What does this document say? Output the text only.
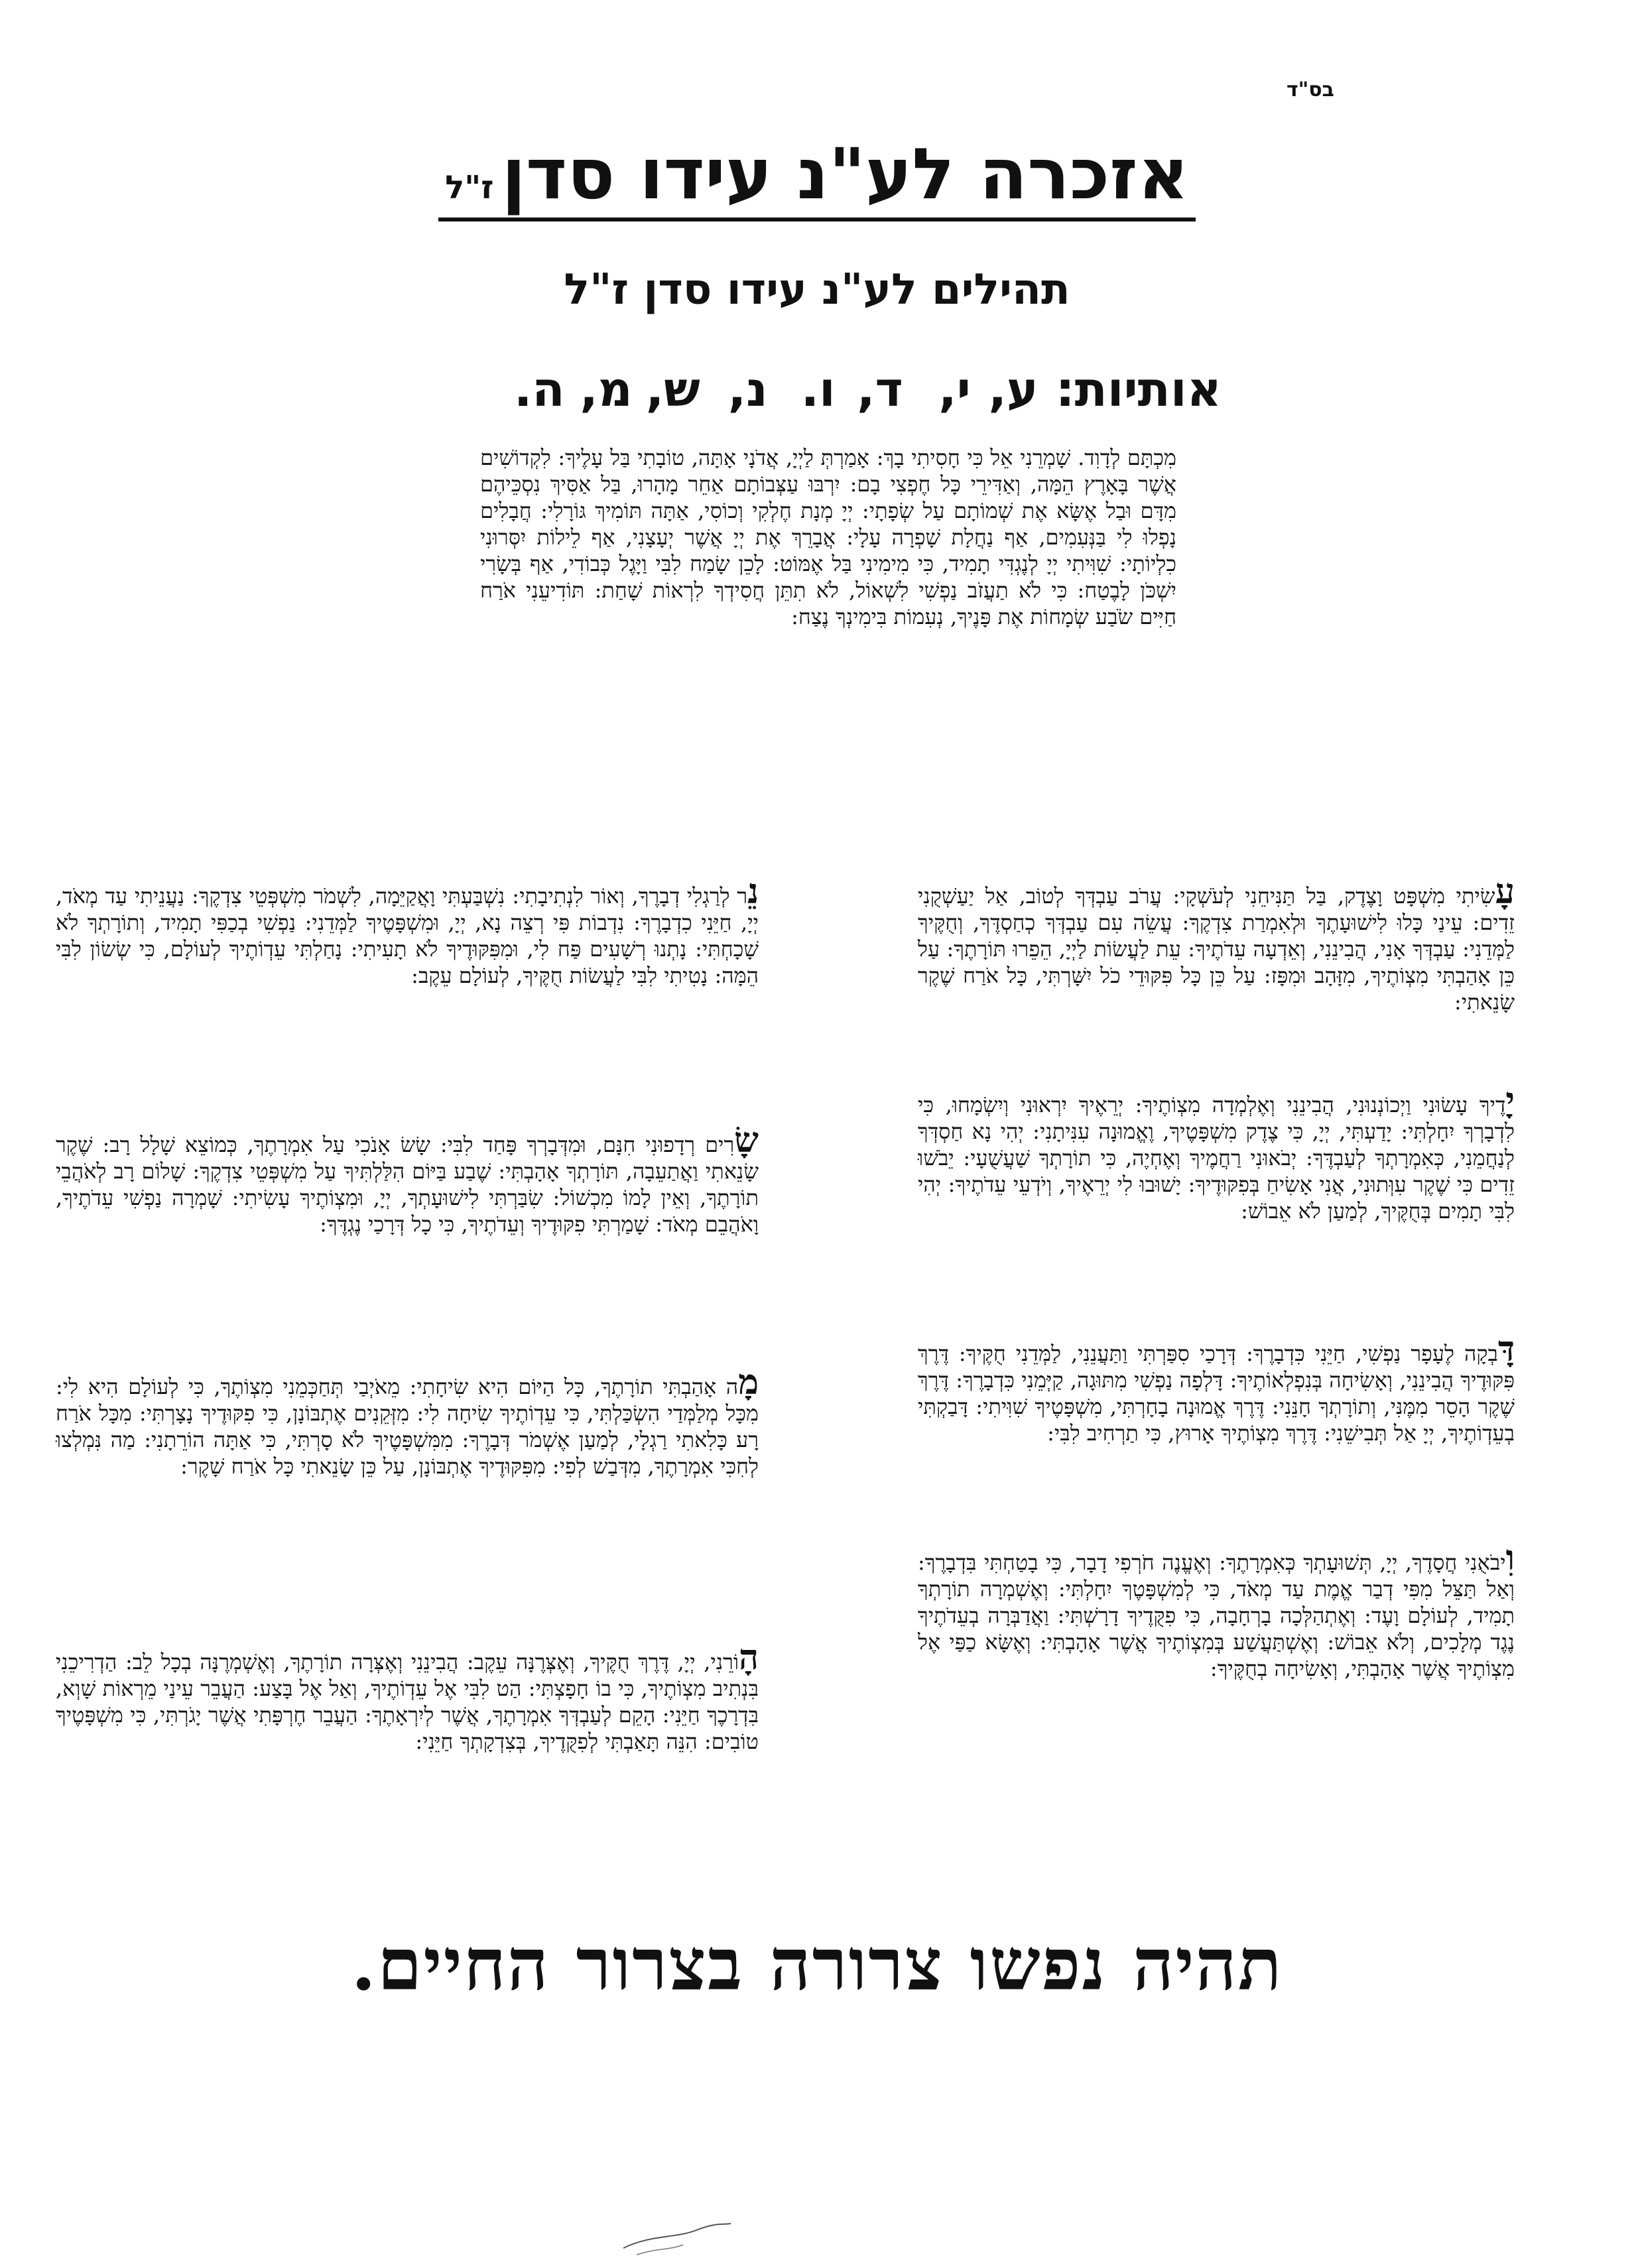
בס"ד
אזכרה לע"נ עידו סדןז"ל
תהילים לע"נ עידו סדן ז"ל
אותיות:
ע,
י,
ד,
ו.
נ,
ש,
מ,
ה.
מִכְתָּם לְדָוִד. שָׁמְרֵנִי אֵל כִּי חָסִיתִי בָךְ: אָמַרְתְּ לַיְיָ, אֲדֹנָי אָתָּה, טוֹבָתִי בַּל עָלֶיךָ: לִקְדוֹשִׁים אֲשֶׁר בָּאָרֶץ הֵמָּה, וְאַדִּירֵי כָּל חֶפְצִי בָם: יִרְבּוּ עַצְּבוֹתָם אַחֵר מָהָרוּ, בַּל אַסִּיךְ נִסְכֵּיהֶם מִדָּם וּבַל אֶשָּׂא אֶת שְׁמוֹתָם עַל שְׂפָתָי: יְיָ מְנָת חֶלְקִי וְכוֹסִי, אַתָּה תּוֹמִיךְ גּוֹרָלִי: חֲבָלִים נָפְלוּ לִי בַּנְּעִמִים, אַף נַחֲלָת שָׁפְרָה עָלָי: אֲבָרֵךְ אֶת יְיָ אֲשֶׁר יְעָצָנִי, אַף לֵילוֹת יִסְּרוּנִי כִלְיוֹתָי: שִׁוִּיתִי יְיָ לְנֶגְדִּי תָמִיד, כִּי מִימִינִי בַּל אֶמּוֹט: לָכֵן שָׂמַח לִבִּי וַיָּגֶל כְּבוֹדִי, אַף בְּשָׂרִי יִשְׁכֹּן לָבֶטַח: כִּי לֹא תַעֲזֹב נַפְשִׁי לִשְׁאוֹל, לֹא תִתֵּן חֲסִידְךָ לִרְאוֹת שָׁחַת: תּוֹדִיעֵנִי אֹרַח חַיִּים שֹׂבַע שְׂמָחוֹת אֶת פָּנֶיךָ, נְעִמוֹת בִּימִינְךָ נֶצַח:
עָשִׂיתִי מִשְׁפָּט וָצֶדֶק, בַּל תַּנִּיחֵנִי לְעֹשְׁקָי: עֲרֹב עַבְדְּךָ לְטוֹב, אַל יַעַשְׁקֻנִי זֵדִים: עֵינַי כָּלוּ לִישׁוּעָתֶךָ וּלְאִמְרַת צִדְקֶךָ: עֲשֵׂה עִם עַבְדְּךָ כְחַסְדֶּךָ, וְחֻקֶּיךָ לַמְּדֵנִי: עַבְדְּךָ אָנִי, הֲבִינֵנִי, וְאֵדְעָה עֵדֹתֶיךָ: עֵת לַעֲשׂוֹת לַיְיָ, הֵפֵרוּ תּוֹרָתֶךָ: עַל כֵּן אָהַבְתִּי מִצְוֹתֶיךָ, מִזָּהָב וּמִפָּז: עַל כֵּן כָּל פִּקּוּדֵי כֹל יִשָּׁרְתִּי, כָּל אֹרַח שֶׁקֶר שָׂנֵאתִי:
יָדֶיךָ עָשׂוּנִי וַיְכוֹנְנוּנִי, הֲבִינֵנִי וְאֶלְמְדָה מִצְוֹתֶיךָ: יְרֵאֶיךָ יִרְאוּנִי וְיִשְׂמָחוּ, כִּי לִדְבָרְךָ יִחָלְתִּי: יָדַעְתִּי, יְיָ, כִּי צֶדֶק מִשְׁפָּטֶיךָ, וֶאֱמוּנָה עִנִּיתָנִי: יְהִי נָא חַסְדְּךָ לְנַחֲמֵנִי, כְּאִמְרָתְךָ לְעַבְדֶּךָ: יְבֹאוּנִי רַחֲמֶיךָ וְאֶחְיֶה, כִּי תוֹרָתְךָ שַׁעֲשֻׁעָי: יֵבֹשׁוּ זֵדִים כִּי שֶׁקֶר עִוְּתוּנִי, אֲנִי אָשִׂיחַ בְּפִקּוּדֶיךָ: יָשׁוּבוּ לִי יְרֵאֶיךָ, וְיֹדְעֵי עֵדֹתֶיךָ: יְהִי לִבִּי תָמִים בְּחֻקֶּיךָ, לְמַעַן לֹא אֵבוֹשׁ:
דָּבְקָה לֶעָפָר נַפְשִׁי, חַיֵּנִי כִּדְבָרֶךָ: דְּרָכַי סִפַּרְתִּי וַתַּעֲנֵנִי, לַמְּדֵנִי חֻקֶּיךָ: דֶּרֶךְ פִּקּוּדֶיךָ הֲבִינֵנִי, וְאָשִׂיחָה בְּנִפְלְאוֹתֶיךָ: דָּלְפָה נַפְשִׁי מִתּוּגָה, קַיְּמֵנִי כִּדְבָרֶךָ: דֶּרֶךְ שֶׁקֶר הָסֵר מִמֶּנִּי, וְתוֹרָתְךָ חָנֵּנִי: דֶּרֶךְ אֱמוּנָה בָחָרְתִּי, מִשְׁפָּטֶיךָ שִׁוִּיתִי: דָּבַקְתִּי בְעֵדְוֹתֶיךָ, יְיָ אַל תְּבִישֵׁנִי: דֶּרֶךְ מִצְוֹתֶיךָ אָרוּץ, כִּי תַרְחִיב לִבִּי:
וִיבֹאֻנִי חֲסָדֶךָ, יְיָ, תְּשׁוּעָתְךָ כְּאִמְרָתֶךָ: וְאֶעֱנֶה חֹרְפִי דָבָר, כִּי בָטַחְתִּי בִּדְבָרֶךָ: וְאַל תַּצֵּל מִפִּי דְבַר אֱמֶת עַד מְאֹד, כִּי לְמִשְׁפָּטֶךָ יִחָלְתִּי: וְאֶשְׁמְרָה תוֹרָתְךָ תָמִיד, לְעוֹלָם וָעֶד: וְאֶתְהַלְּכָה בָרְחָבָה, כִּי פִקֻּדֶיךָ דָרָשְׁתִּי: וַאֲדַבְּרָה בְעֵדֹתֶיךָ נֶגֶד מְלָכִים, וְלֹא אֵבוֹשׁ: וְאֶשְׁתַּעֲשַׁע בְּמִצְוֹתֶיךָ אֲשֶׁר אָהָבְתִּי: וְאֶשָּׂא כַפַּי אֶל מִצְוֹתֶיךָ אֲשֶׁר אָהָבְתִּי, וְאָשִׂיחָה בְחֻקֶּיךָ:
נֵר לְרַגְלִי דְבָרֶךָ, וְאוֹר לִנְתִיבָתִי: נִשְׁבַּעְתִּי וָאֲקַיֵּמָה, לִשְׁמֹר מִשְׁפְּטֵי צִדְקֶךָ: נַעֲנֵיתִי עַד מְאֹד, יְיָ, חַיֵּנִי כִדְבָרֶךָ: נִדְבוֹת פִּי רְצֵה נָא, יְיָ, וּמִשְׁפָּטֶיךָ לַמְּדֵנִי: נַפְשִׁי בְכַפִּי תָמִיד, וְתוֹרָתְךָ לֹא שָׁכָחְתִּי: נָתְנוּ רְשָׁעִים פַּח לִי, וּמִפִּקּוּדֶיךָ לֹא תָעִיתִי: נָחַלְתִּי עֵדְוֹתֶיךָ לְעוֹלָם, כִּי שְׂשׂוֹן לִבִּי הֵמָּה: נָטִיתִי לִבִּי לַעֲשׂוֹת חֻקֶּיךָ, לְעוֹלָם עֵקֶב:
שָׂרִים רְדָפוּנִי חִנָּם, וּמִדְּבָרְךָ פָּחַד לִבִּי: שָׂשׂ אָנֹכִי עַל אִמְרָתֶךָ, כְּמוֹצֵא שָׁלָל רָב: שֶׁקֶר שָׂנֵאתִי וַאֲתַעֵבָה, תּוֹרָתְךָ אָהָבְתִּי: שֶׁבַע בַּיּוֹם הִלַּלְתִּיךָ עַל מִשְׁפְּטֵי צִדְקֶךָ: שָׁלוֹם רָב לְאֹהֲבֵי תוֹרָתֶךָ, וְאֵין לָמוֹ מִכְשׁוֹל: שִׂבַּרְתִּי לִישׁוּעָתְךָ, יְיָ, וּמִצְוֹתֶיךָ עָשִׂיתִי: שָׁמְרָה נַפְשִׁי עֵדֹתֶיךָ, וָאֹהֲבֵם מְאֹד: שָׁמַרְתִּי פִקּוּדֶיךָ וְעֵדֹתֶיךָ, כִּי כָל דְּרָכַי נֶגְדֶּךָ:
מָה אָהַבְתִּי תוֹרָתֶךָ, כָּל הַיּוֹם הִיא שִׂיחָתִי: מֵאֹיְבַי תְּחַכְּמֵנִי מִצְוֹתֶךָ, כִּי לְעוֹלָם הִיא לִי: מִכָּל מְלַמְּדַי הִשְׂכַּלְתִּי, כִּי עֵדְוֹתֶיךָ שִׂיחָה לִי: מִזְּקֵנִים אֶתְבּוֹנָן, כִּי פִקּוּדֶיךָ נָצָרְתִּי: מִכָּל אֹרַח רָע כָּלִאתִי רַגְלָי, לְמַעַן אֶשְׁמֹר דְּבָרֶךָ: מִמִּשְׁפָּטֶיךָ לֹא סָרְתִּי, כִּי אַתָּה הוֹרֵתָנִי: מַה נִּמְלְצוּ לְחִכִּי אִמְרָתֶךָ, מִדְּבַשׁ לְפִי: מִפִּקּוּדֶיךָ אֶתְבּוֹנָן, עַל כֵּן שָׂנֵאתִי כָּל אֹרַח שָׁקֶר:
הָוֹרֵנִי, יְיָ, דֶּרֶךְ חֻקֶּיךָ, וְאֶצְּרֶנָּה עֵקֶב: הֲבִינֵנִי וְאֶצְּרָה תוֹרָתֶךָ, וְאֶשְׁמְרֶנָּה בְכָל לֵב: הַדְרִיכֵנִי בִּנְתִיב מִצְוֹתֶיךָ, כִּי בוֹ חָפָצְתִּי: הַט לִבִּי אֶל עֵדְוֹתֶיךָ, וְאַל אֶל בָּצַע: הַעֲבֵר עֵינַי מֵרְאוֹת שָׁוְא, בִּדְרָכֶךָ חַיֵּנִי: הָקֵם לְעַבְדְּךָ אִמְרָתֶךָ, אֲשֶׁר לְיִרְאָתֶךָ: הַעֲבֵר חֶרְפָּתִי אֲשֶׁר יָגֹרְתִּי, כִּי מִשְׁפָּטֶיךָ טוֹבִים: הִנֵּה תָּאַבְתִּי לְפִקֻּדֶיךָ, בְּצִדְקָתְךָ חַיֵּנִי:
תהיה נפשו צרורה בצרור החיים.
